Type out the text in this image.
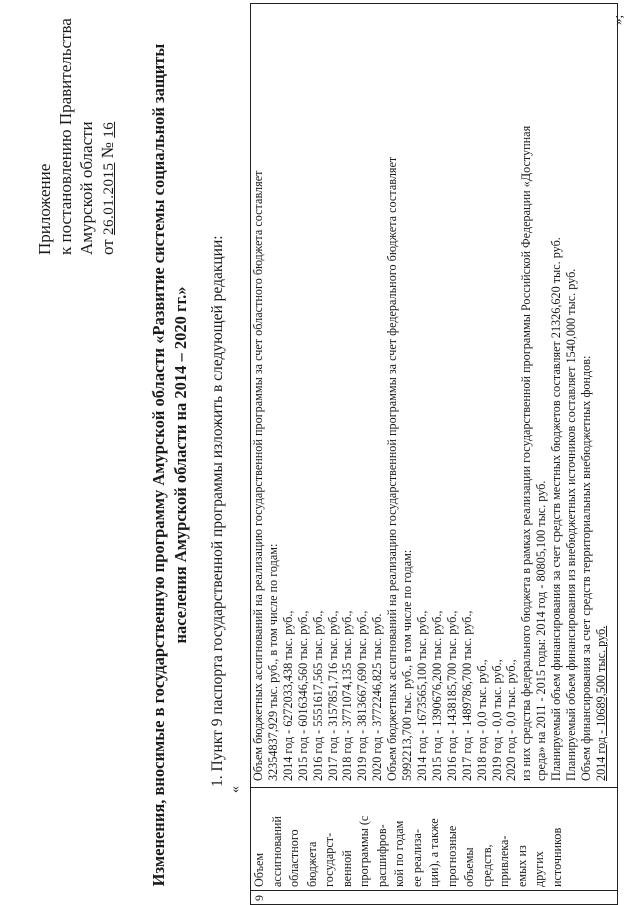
Приложение к постановлению Правительства Амурской области от 26.01.2015 № 16 Изменения, вносимые в государственную программу Амурской области «Развитие системы социальной защиты населения Амурской области на 2014 – 2020 гг.» 1. Пункт 9 паспорта государственной программы изложить в следующей редакции:
«
9
Объем ассигнований областного бюджета государст- венной программы (с расшифров- кой по годам ее реализа- ции), а также прогнозные объемы средств, привлека- емых из других источников

Объем бюджетных ассигнований на реализацию государственной программы за счет областного бюджета составляет 32354837,929 тыс. руб., в том числе по годам: 2014 год - 6272033,438 тыс. руб., 2015 год - 6016346,560 тыс. руб., 2016 год - 5551617,565 тыс. руб., 2017 год - 3157851,716 тыс. руб., 2018 год - 3771074,135 тыс. руб., 2019 год - 3813667,690 тыс. руб., 2020 год - 3772246,825 тыс. руб. Объем бюджетных ассигнований на реализацию государственной программы за счет федерального бюджета составляет 5992213,700 тыс. руб., в том числе по годам: 2014 год - 1673565,100 тыс. руб., 2015 год - 1390676,200 тыс. руб., 2016 год - 1438185,700 тыс. руб., 2017 год - 1489786,700 тыс. руб., 2018 год - 0,0 тыс. руб., 2019 год - 0,0 тыс. руб., 2020 год - 0,0 тыс. руб., из них средства федерального бюджета в рамках реализации государственной программы Российской Федерации «Доступная среда» на 2011 - 2015 годы: 2014 год - 80805,100 тыс. руб. Планируемый объем финансирования за счет средств местных бюджетов составляет 21326,620 тыс. руб. Планируемый объем финансирования из внебюджетных источников составляет 1540,000 тыс. руб. Объем финансирования за счет средств территориальных внебюджетных фондов: 2014 год - 10689,500 тыс. руб.

»;
